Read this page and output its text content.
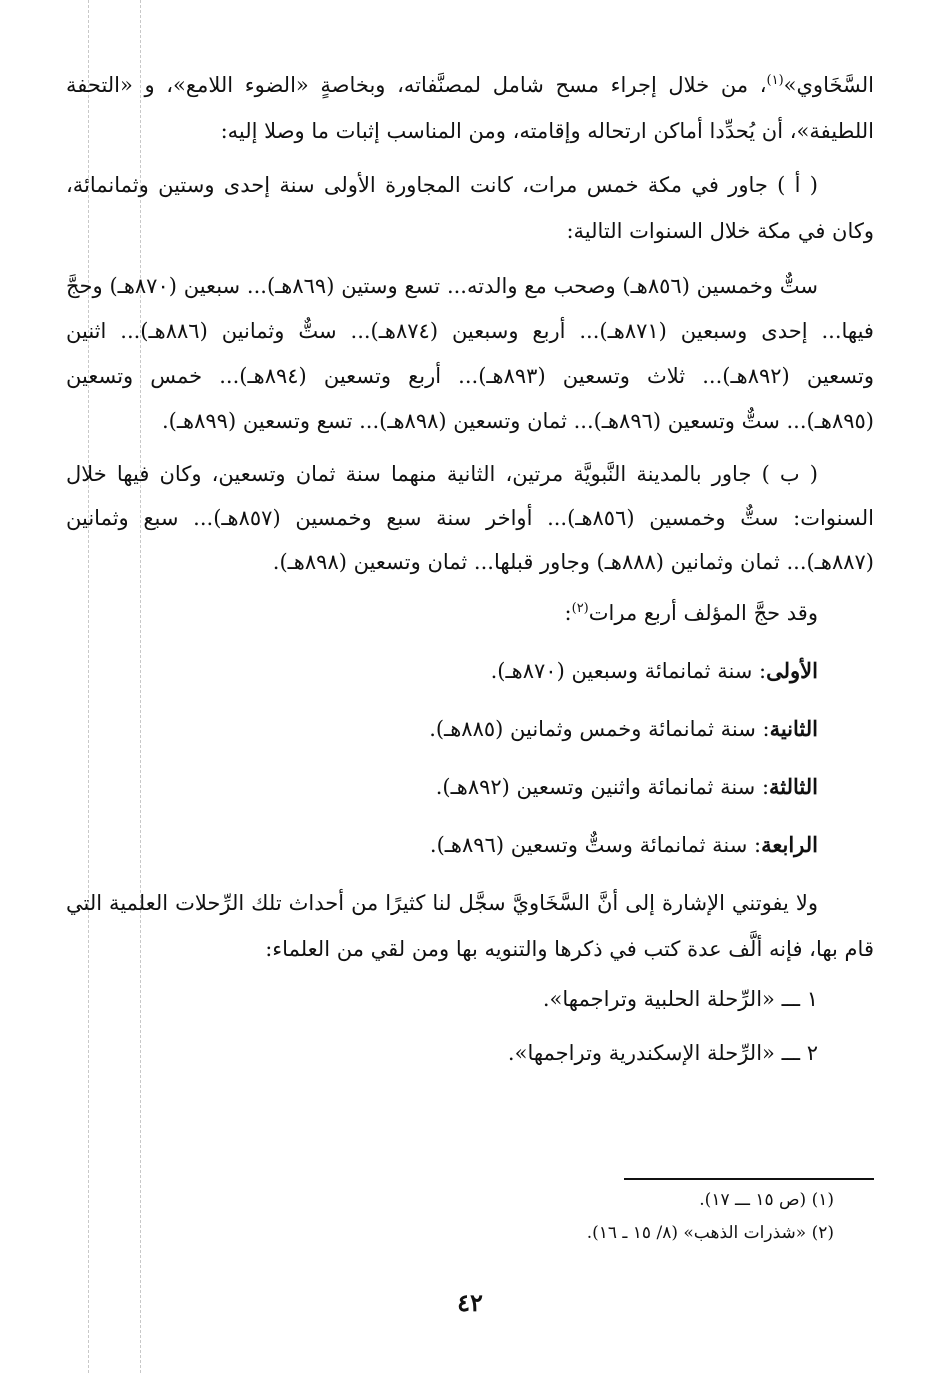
السَّخَاوي»$^{(١)}$، من خلال إجراء مسح شامل لمصنَّفاته، وبخاصةٍ «الضوء اللامع»، و «التحفة اللطيفة»، أن يُحدِّدا أماكن ارتحاله وإقامته، ومن المناسب إثبات ما وصلا إليه:

( أ ) جاور في مكة خمس مرات، كانت المجاورة الأولى سنة إحدى وستين وثمانمائة، وكان في مكة خلال السنوات التالية:

ستٌّ وخمسين (٨٥٦هـ) وصحب مع والدته... تسع وستين (٨٦٩هـ)... سبعين (٨٧٠هـ) وحجَّ فيها... إحدى وسبعين (٨٧١هـ)... أربع وسبعين (٨٧٤هـ)... ستٌّ وثمانين (٨٨٦هـ)... اثنين وتسعين (٨٩٢هـ)... ثلاث وتسعين (٨٩٣هـ)... أربع وتسعين (٨٩٤هـ)... خمس وتسعين (٨٩٥هـ)... ستٌّ وتسعين (٨٩٦هـ)... ثمان وتسعين (٨٩٨هـ)... تسع وتسعين (٨٩٩هـ).

( ب ) جاور بالمدينة النَّبويَّة مرتين، الثانية منهما سنة ثمان وتسعين، وكان فيها خلال السنوات: ستٌّ وخمسين (٨٥٦هـ)... أواخر سنة سبع وخمسين (٨٥٧هـ)... سبع وثمانين (٨٨٧هـ)... ثمان وثمانين (٨٨٨هـ) وجاور قبلها... ثمان وتسعين (٨٩٨هـ).

وقد حجَّ المؤلف أربع مرات$^{(٢)}$:

الأولى: سنة ثمانمائة وسبعين (٨٧٠هـ).

الثانية: سنة ثمانمائة وخمس وثمانين (٨٨٥هـ).

الثالثة: سنة ثمانمائة واثنين وتسعين (٨٩٢هـ).

الرابعة: سنة ثمانمائة وستٌّ وتسعين (٨٩٦هـ).

ولا يفوتني الإشارة إلى أنَّ السَّخَاويَّ سجَّل لنا كثيرًا من أحداث تلك الرِّحلات العلمية التي قام بها، فإنه ألَّف عدة كتب في ذكرها والتنويه بها ومن لقي من العلماء:

١ ـــ «الرِّحلة الحلبية وتراجمها».

٢ ـــ «الرِّحلة الإسكندرية وتراجمها».

(١) (ص ١٥ ـــ ١٧).

(٢) «شذرات الذهب» (٨/ ١٥ ـ ١٦).

٤٢
